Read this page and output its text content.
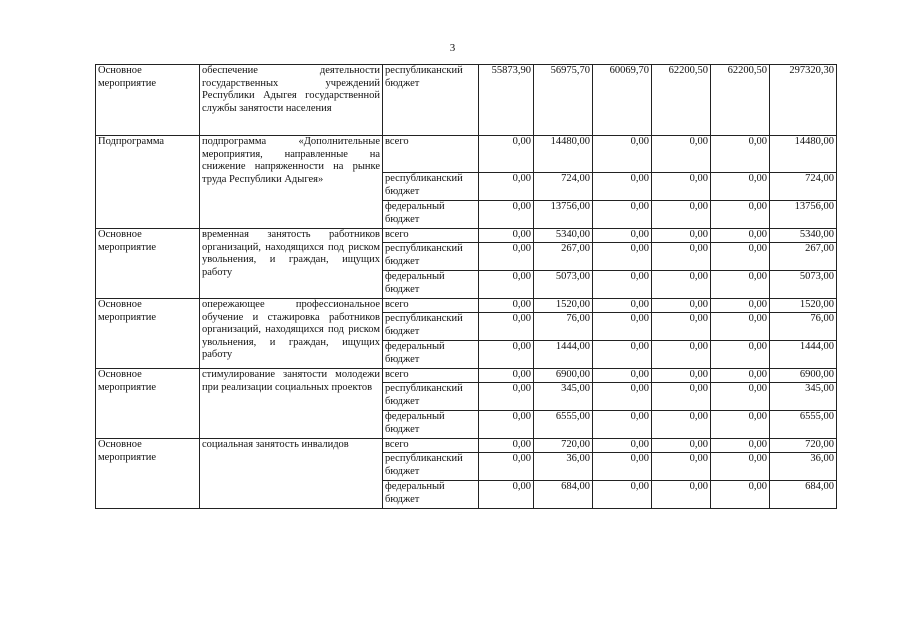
3
Основное мероприятие	обеспечение деятельности государственных учреждений Республики Адыгея государственной службы занятости населения	республиканский бюджет	55873,90	56975,70	60069,70	62200,50	62200,50	297320,30
Подпрограмма	подпрограмма «Дополнительные мероприятия, направленные на снижение напряженности на рынке труда Республики Адыгея»	всего	0,00	14480,00	0,00	0,00	0,00	14480,00
		республиканский бюджет	0,00	724,00	0,00	0,00	0,00	724,00
		федеральный бюджет	0,00	13756,00	0,00	0,00	0,00	13756,00
Основное мероприятие	временная занятость работников организаций, находящихся под риском увольнения, и граждан, ищущих работу	всего	0,00	5340,00	0,00	0,00	0,00	5340,00
		республиканский бюджет	0,00	267,00	0,00	0,00	0,00	267,00
		федеральный бюджет	0,00	5073,00	0,00	0,00	0,00	5073,00
Основное мероприятие	опережающее профессиональное обучение и стажировка работников организаций, находящихся под риском увольнения, и граждан, ищущих работу	всего	0,00	1520,00	0,00	0,00	0,00	1520,00
		республиканский бюджет	0,00	76,00	0,00	0,00	0,00	76,00
		федеральный бюджет	0,00	1444,00	0,00	0,00	0,00	1444,00
Основное мероприятие	стимулирование занятости молодежи при реализации социальных проектов	всего	0,00	6900,00	0,00	0,00	0,00	6900,00
		республиканский бюджет	0,00	345,00	0,00	0,00	0,00	345,00
		федеральный бюджет	0,00	6555,00	0,00	0,00	0,00	6555,00
Основное мероприятие	социальная занятость инвалидов	всего	0,00	720,00	0,00	0,00	0,00	720,00
		республиканский бюджет	0,00	36,00	0,00	0,00	0,00	36,00
		федеральный бюджет	0,00	684,00	0,00	0,00	0,00	684,00
